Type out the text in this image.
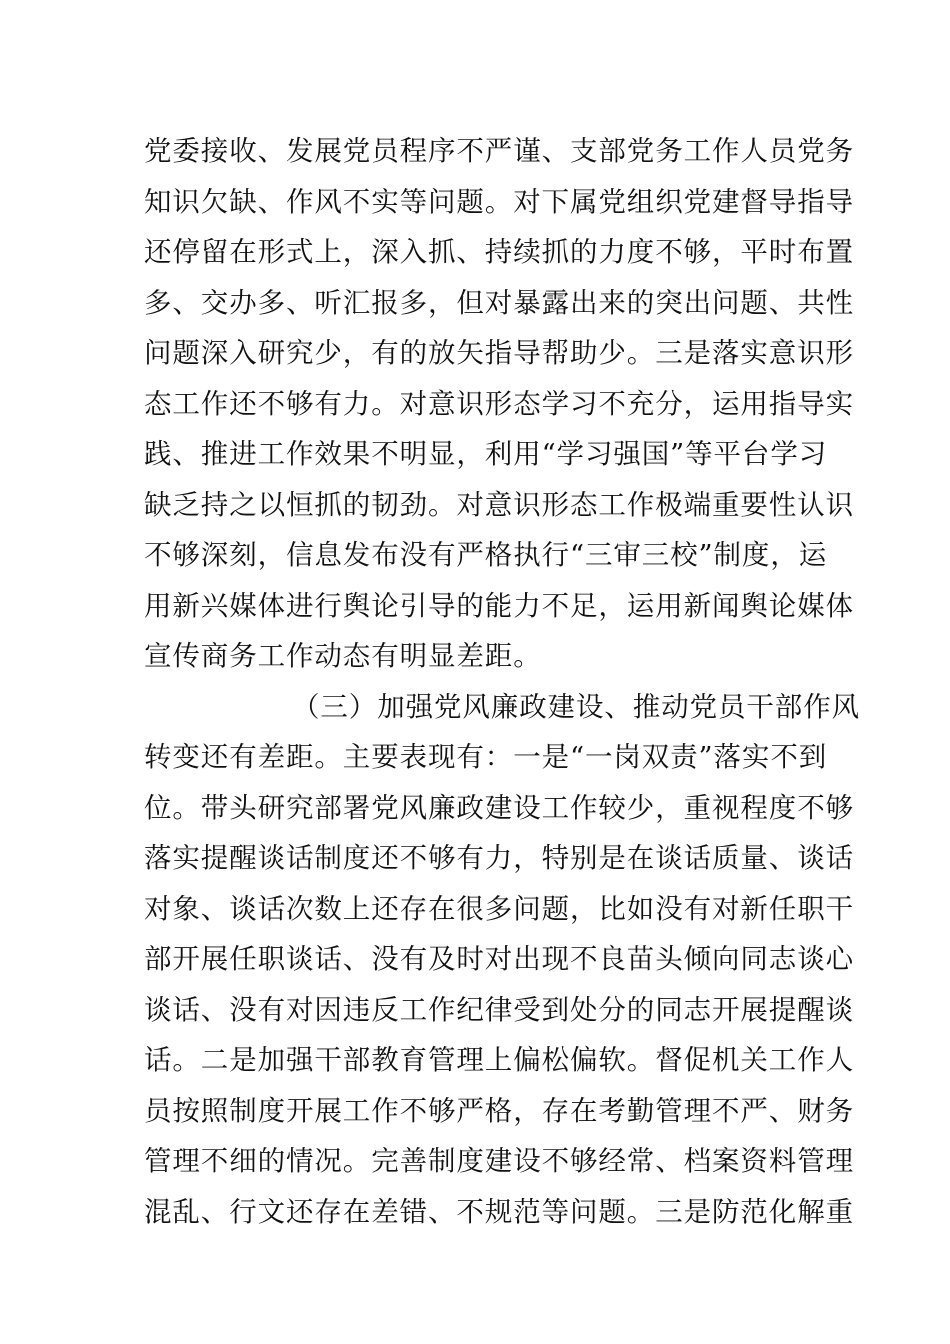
党委接收、发展党员程序不严谨、支部党务工作人员党务
知识欠缺、作风不实等问题。对下属党组织党建督导指导
还停留在形式上，深入抓、持续抓的力度不够，平时布置
多、交办多、听汇报多，但对暴露出来的突出问题、共性
问题深入研究少，有的放矢指导帮助少。三是落实意识形
态工作还不够有力。对意识形态学习不充分，运用指导实
践、推进工作效果不明显，利用“学习强国”等平台学习
缺乏持之以恒抓的韧劲。对意识形态工作极端重要性认识
不够深刻，信息发布没有严格执行“三审三校”制度，运
用新兴媒体进行舆论引导的能力不足，运用新闻舆论媒体
宣传商务工作动态有明显差距。
（三）加强党风廉政建设、推动党员干部作风
转变还有差距。主要表现有：一是“一岗双责”落实不到
位。带头研究部署党风廉政建设工作较少，重视程度不够
落实提醒谈话制度还不够有力，特别是在谈话质量、谈话
对象、谈话次数上还存在很多问题，比如没有对新任职干
部开展任职谈话、没有及时对出现不良苗头倾向同志谈心
谈话、没有对因违反工作纪律受到处分的同志开展提醒谈
话。二是加强干部教育管理上偏松偏软。督促机关工作人
员按照制度开展工作不够严格，存在考勤管理不严、财务
管理不细的情况。完善制度建设不够经常、档案资料管理
混乱、行文还存在差错、不规范等问题。三是防范化解重
